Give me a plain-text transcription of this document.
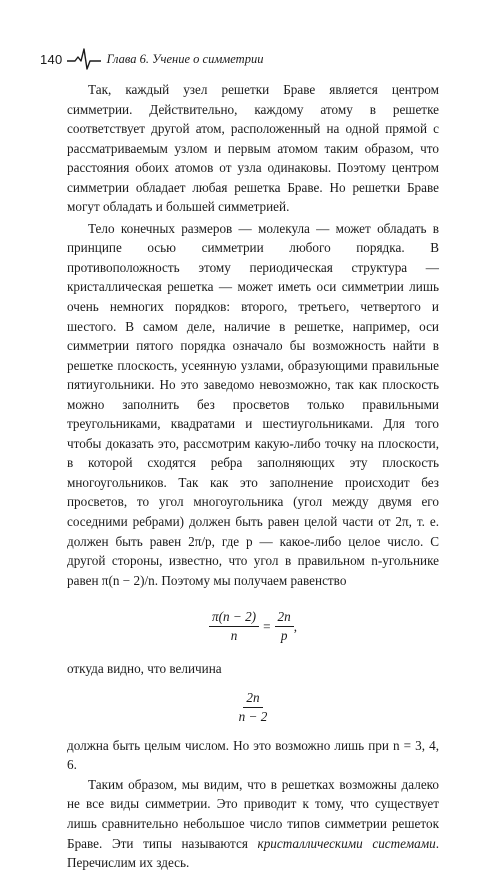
140	Глава 6. Учение о симметрии

Так, каждый узел решетки Браве является центром симметрии. Действительно, каждому атому в решетке соответствует другой атом, расположенный на одной прямой с рассматриваемым узлом и первым атомом таким образом, что расстояния обоих атомов от узла одинаковы. Поэтому центром симметрии обладает любая решетка Браве. Но решетки Браве могут обладать и большей симметрией.

Тело конечных размеров — молекула — может обладать в принципе осью симметрии любого порядка. В противоположность этому периодическая структура — кристаллическая решетка — может иметь оси симметрии лишь очень немногих порядков: второго, третьего, четвертого и шестого. В самом деле, наличие в решетке, например, оси симметрии пятого порядка означало бы возможность найти в решетке плоскость, усеянную узлами, образующими правильные пятиугольники. Но это заведомо невозможно, так как плоскость можно заполнить без просветов только правильными треугольниками, квадратами и шестиугольниками. Для того чтобы доказать это, рассмотрим какую-либо точку на плоскости, в которой сходятся ребра заполняющих эту плоскость многоугольников. Так как это заполнение происходит без просветов, то угол многоугольника (угол между двумя его соседними ребрами) должен быть равен целой части от 2π, т. е. должен быть равен 2π/p, где p — какое-либо целое число. С другой стороны, известно, что угол в правильном n-угольнике равен π(n − 2)/n. Поэтому мы получаем равенство

$\frac{\pi(n - 2)}{n} = \frac{2n}{p}$ ,

откуда видно, что величина

$\frac{2n}{n - 2}$

должна быть целым числом. Но это возможно лишь при n = 3, 4, 6.

Таким образом, мы видим, что в решетках возможны далеко не все виды симметрии. Это приводит к тому, что существует лишь сравнительно небольшое число типов симметрии решеток Браве. Эти типы называются кристаллическими системами. Перечислим их здесь.
